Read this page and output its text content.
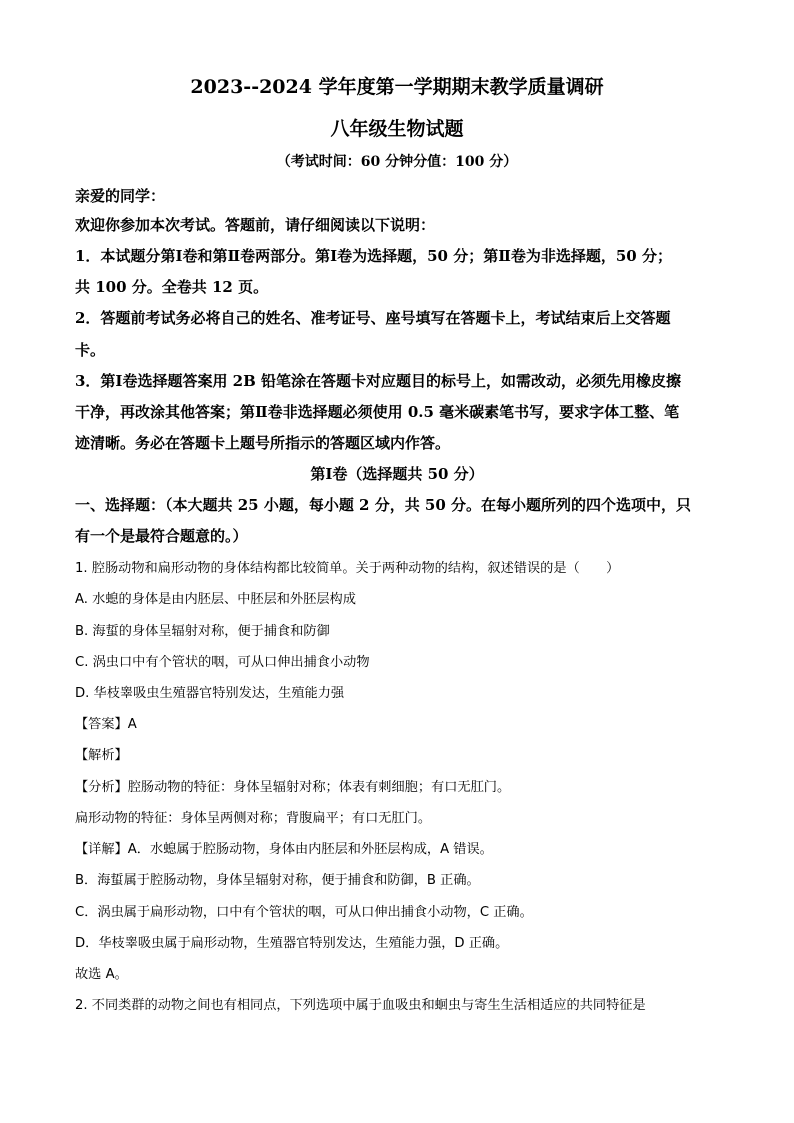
2023--2024 学年度第一学期期末教学质量调研
八年级生物试题
（考试时间：60 分钟分值：100 分）
亲爱的同学：
欢迎你参加本次考试。答题前，请仔细阅读以下说明：
1．本试题分第Ⅰ卷和第Ⅱ卷两部分。第Ⅰ卷为选择题，50 分；第Ⅱ卷为非选择题，50 分；
共 100 分。全卷共 12 页。
2．答题前考试务必将自己的姓名、准考证号、座号填写在答题卡上，考试结束后上交答题
卡。
3．第Ⅰ卷选择题答案用 2B 铅笔涂在答题卡对应题目的标号上，如需改动，必须先用橡皮擦
干净，再改涂其他答案；第Ⅱ卷非选择题必须使用 0.5 毫米碳素笔书写，要求字体工整、笔
迹清晰。务必在答题卡上题号所指示的答题区域内作答。
第Ⅰ卷（选择题共 50 分）
一、选择题：（本大题共 25 小题，每小题 2 分，共 50 分。在每小题所列的四个选项中，只
有一个是最符合题意的。）
1. 腔肠动物和扁形动物的身体结构都比较简单。关于两种动物的结构，叙述错误的是（　　）
A. 水螅的身体是由内胚层、中胚层和外胚层构成
B. 海蜇的身体呈辐射对称，便于捕食和防御
C. 涡虫口中有个管状的咽，可从口伸出捕食小动物
D. 华枝睾吸虫生殖器官特别发达，生殖能力强
【答案】A
【解析】
【分析】腔肠动物的特征：身体呈辐射对称；体表有刺细胞；有口无肛门。
扁形动物的特征：身体呈两侧对称；背腹扁平；有口无肛门。
【详解】A．水螅属于腔肠动物，身体由内胚层和外胚层构成，A 错误。
B．海蜇属于腔肠动物，身体呈辐射对称，便于捕食和防御，B 正确。
C．涡虫属于扁形动物，口中有个管状的咽，可从口伸出捕食小动物，C 正确。
D．华枝睾吸虫属于扁形动物，生殖器官特别发达，生殖能力强，D 正确。
故选 A。
2. 不同类群的动物之间也有相同点，下列选项中属于血吸虫和蛔虫与寄生生活相适应的共同特征是
